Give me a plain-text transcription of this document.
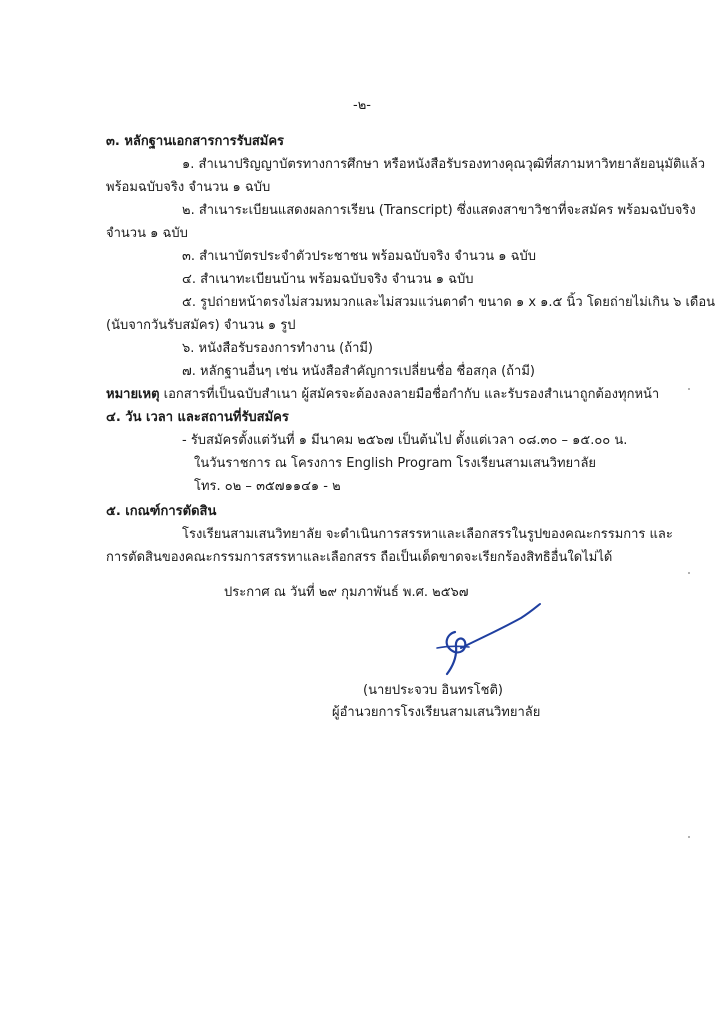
-๒-
๓. หลักฐานเอกสารการรับสมัคร
๑. สำเนาปริญญาบัตรทางการศึกษา หรือหนังสือรับรองทางคุณวุฒิที่สภามหาวิทยาลัยอนุมัติแล้ว
พร้อมฉบับจริง จำนวน ๑ ฉบับ
๒. สำเนาระเบียนแสดงผลการเรียน (Transcript) ซึ่งแสดงสาขาวิชาที่จะสมัคร พร้อมฉบับจริง
จำนวน ๑ ฉบับ
๓. สำเนาบัตรประจำตัวประชาชน พร้อมฉบับจริง จำนวน ๑ ฉบับ
๔. สำเนาทะเบียนบ้าน พร้อมฉบับจริง จำนวน ๑ ฉบับ
๕. รูปถ่ายหน้าตรงไม่สวมหมวกและไม่สวมแว่นตาดำ ขนาด ๑ x ๑.๕ นิ้ว โดยถ่ายไม่เกิน ๖ เดือน
(นับจากวันรับสมัคร) จำนวน ๑ รูป
๖. หนังสือรับรองการทำงาน (ถ้ามี)
๗. หลักฐานอื่นๆ เช่น หนังสือสำคัญการเปลี่ยนชื่อ ชื่อสกุล (ถ้ามี)
หมายเหตุ เอกสารที่เป็นฉบับสำเนา ผู้สมัครจะต้องลงลายมือชื่อกำกับ และรับรองสำเนาถูกต้องทุกหน้า
๔. วัน เวลา และสถานที่รับสมัคร
- รับสมัครตั้งแต่วันที่ ๑ มีนาคม ๒๕๖๗ เป็นต้นไป ตั้งแต่เวลา ๐๘.๓๐ – ๑๕.๐๐ น.
ในวันราชการ ณ โครงการ English Program โรงเรียนสามเสนวิทยาลัย
โทร. ๐๒ – ๓๕๗๑๑๔๑ - ๒
๕. เกณฑ์การตัดสิน
โรงเรียนสามเสนวิทยาลัย จะดำเนินการสรรหาและเลือกสรรในรูปของคณะกรรมการ และ
การตัดสินของคณะกรรมการสรรหาและเลือกสรร ถือเป็นเด็ดขาดจะเรียกร้องสิทธิอื่นใดไม่ได้
ประกาศ ณ วันที่ ๒๙ กุมภาพันธ์ พ.ศ. ๒๕๖๗
(นายประจวบ อินทรโชติ)
ผู้อำนวยการโรงเรียนสามเสนวิทยาลัย
